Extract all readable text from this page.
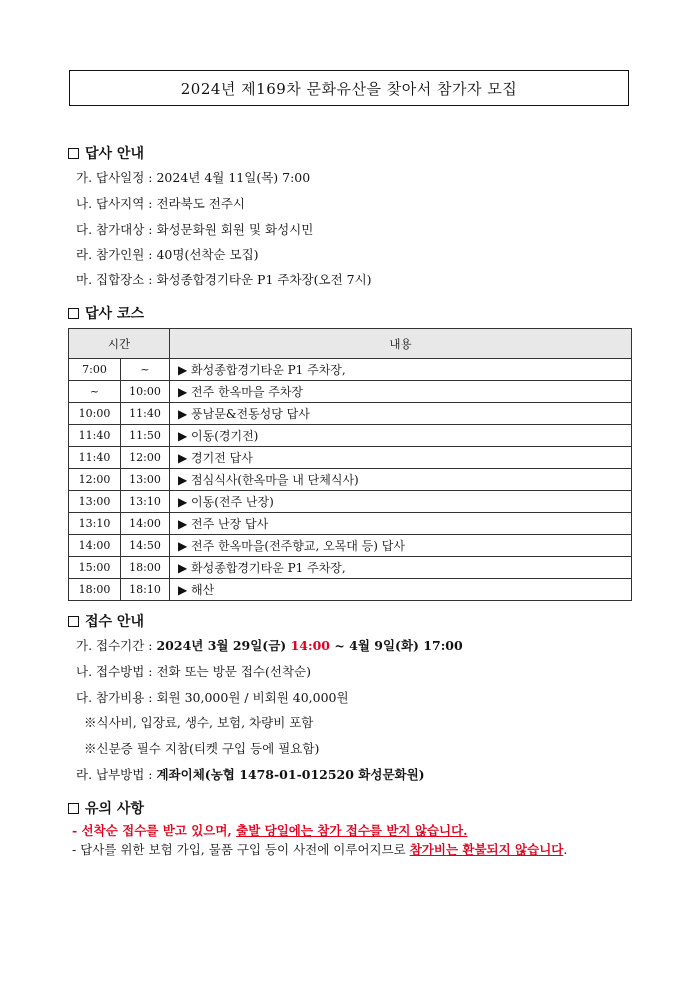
2024년 제169차 문화유산을 찾아서 참가자 모집
답사 안내
가. 답사일정 : 2024년 4월 11일(목) 7:00
나. 답사지역 : 전라북도 전주시
다. 참가대상 : 화성문화원 회원 및 화성시민
라. 참가인원 : 40명(선착순 모집)
마. 집합장소 : 화성종합경기타운 P1 주차장(오전 7시)
답사 코스
시간		내용
7:00	~	▶ 화성종합경기타운 P1 주차장,
~	10:00	▶ 전주 한옥마을 주차장
10:00	11:40	▶ 풍남문&전동성당 답사
11:40	11:50	▶ 이동(경기전)
11:40	12:00	▶ 경기전 답사
12:00	13:00	▶ 점심식사(한옥마을 내 단체식사)
13:00	13:10	▶ 이동(전주 난장)
13:10	14:00	▶ 전주 난장 답사
14:00	14:50	▶ 전주 한옥마을(전주향교, 오목대 등) 답사
15:00	18:00	▶ 화성종합경기타운 P1 주차장,
18:00	18:10	▶ 해산
접수 안내
가. 접수기간 : 2024년 3월 29일(금) 14:00 ~ 4월 9일(화) 17:00
나. 접수방법 : 전화 또는 방문 접수(선착순)
다. 참가비용 : 회원 30,000원 / 비회원 40,000원
※식사비, 입장료, 생수, 보험, 차량비 포함
※신분증 필수 지참(티켓 구입 등에 필요함)
라. 납부방법 : 계좌이체(농협 1478-01-012520 화성문화원)
유의 사항
- 선착순 접수를 받고 있으며, 출발 당일에는 참가 접수를 받지 않습니다.
- 답사를 위한 보험 가입, 물품 구입 등이 사전에 이루어지므로 참가비는 환불되지 않습니다.
